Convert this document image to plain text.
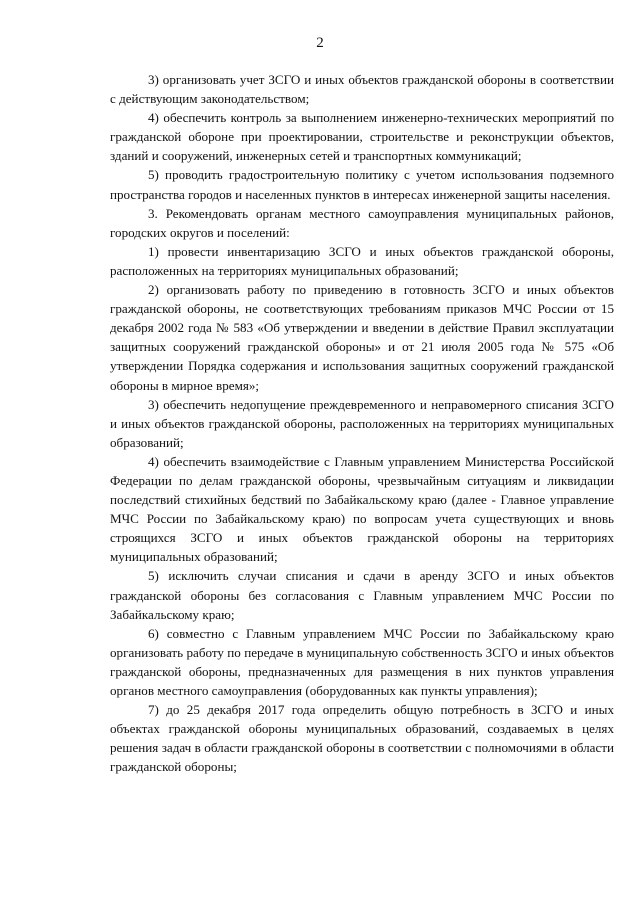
2

3) организовать учет ЗСГО и иных объектов гражданской обороны в соответствии с действующим законодательством;

4) обеспечить контроль за выполнением инженерно-технических мероприятий по гражданской обороне при проектировании, строительстве и реконструкции объектов, зданий и сооружений, инженерных сетей и транспортных коммуникаций;

5) проводить градостроительную политику с учетом использования подземного пространства городов и населенных пунктов в интересах инженерной защиты населения.

3. Рекомендовать органам местного самоуправления муниципальных районов, городских округов и поселений:

1) провести инвентаризацию ЗСГО и иных объектов гражданской обороны, расположенных на территориях муниципальных образований;

2) организовать работу по приведению в готовность ЗСГО и иных объектов гражданской обороны, не соответствующих требованиям приказов МЧС России от 15 декабря 2002 года № 583 «Об утверждении и введении в действие Правил эксплуатации защитных сооружений гражданской обороны» и от 21 июля 2005 года № 575 «Об утверждении Порядка содержания и использования защитных сооружений гражданской обороны в мирное время»;

3) обеспечить недопущение преждевременного и неправомерного списания ЗСГО и иных объектов гражданской обороны, расположенных на территориях муниципальных образований;

4) обеспечить взаимодействие с Главным управлением Министерства Российской Федерации по делам гражданской обороны, чрезвычайным ситуациям и ликвидации последствий стихийных бедствий по Забайкальскому краю (далее - Главное управление МЧС России по Забайкальскому краю) по вопросам учета существующих и вновь строящихся ЗСГО и иных объектов гражданской обороны на территориях муниципальных образований;

5) исключить случаи списания и сдачи в аренду ЗСГО и иных объектов гражданской обороны без согласования с Главным управлением МЧС России по Забайкальскому краю;

6) совместно с Главным управлением МЧС России по Забайкальскому краю организовать работу по передаче в муниципальную собственность ЗСГО и иных объектов гражданской обороны, предназначенных для размещения в них пунктов управления органов местного самоуправления (оборудованных как пункты управления);

7) до 25 декабря 2017 года определить общую потребность в ЗСГО и иных объектах гражданской обороны муниципальных образований, создаваемых в целях решения задач в области гражданской обороны в соответствии с полномочиями в области гражданской обороны;
